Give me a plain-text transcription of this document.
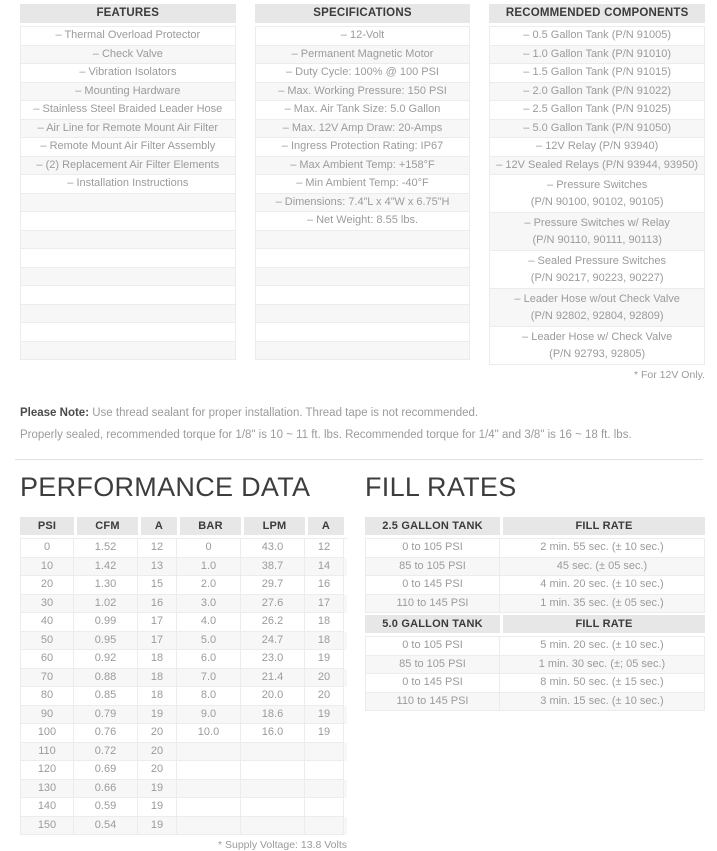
FEATURES
– Thermal Overload Protector
– Check Valve
– Vibration Isolators
– Mounting Hardware
– Stainless Steel Braided Leader Hose
– Air Line for Remote Mount Air Filter
– Remote Mount Air Filter Assembly
– (2) Replacement Air Filter Elements
– Installation Instructions

SPECIFICATIONS
– 12-Volt
– Permanent Magnetic Motor
– Duty Cycle: 100% @ 100 PSI
– Max. Working Pressure: 150 PSI
– Max. Air Tank Size: 5.0 Gallon
– Max. 12V Amp Draw: 20-Amps
– Ingress Protection Rating: IP67
– Max Ambient Temp: +158°F
– Min Ambient Temp: -40°F
– Dimensions: 7.4”L x 4”W x 6.75”H
– Net Weight: 8.55 lbs.

RECOMMENDED COMPONENTS
– 0.5 Gallon Tank (P/N 91005)
– 1.0 Gallon Tank (P/N 91010)
– 1.5 Gallon Tank (P/N 91015)
– 2.0 Gallon Tank (P/N 91022)
– 2.5 Gallon Tank (P/N 91025)
– 5.0 Gallon Tank (P/N 91050)
– 12V Relay (P/N 93940)
– 12V Sealed Relays (P/N 93944, 93950)
– Pressure Switches
(P/N 90100, 90102, 90105)
– Pressure Switches w/ Relay
(P/N 90110, 90111, 90113)
– Sealed Pressure Switches
(P/N 90217, 90223, 90227)
– Leader Hose w/out Check Valve
(P/N 92802, 92804, 92809)
– Leader Hose w/ Check Valve
(P/N 92793, 92805)
* For 12V Only.
Please Note: Use thread sealant for proper installation. Thread tape is not recommended.
Properly sealed, recommended torque for 1/8" is 10 ~ 11 ft. lbs. Recommended torque for 1/4" and 3/8" is 16 ~ 18 ft. lbs.
PERFORMANCE DATA
PSI	CFM	A	BAR	LPM	A
0	1.52	12	0	43.0	12
10	1.42	13	1.0	38.7	14
20	1.30	15	2.0	29.7	16
30	1.02	16	3.0	27.6	17
40	0.99	17	4.0	26.2	18
50	0.95	17	5.0	24.7	18
60	0.92	18	6.0	23.0	19
70	0.88	18	7.0	21.4	20
80	0.85	18	8.0	20.0	20
90	0.79	19	9.0	18.6	19
100	0.76	20	10.0	16.0	19
110	0.72	20

120	0.69	20

130	0.66	19

140	0.59	19

150	0.54	19

* Supply Voltage: 13.8 Volts
FILL RATES
2.5 GALLON TANK	FILL RATE
0 to 105 PSI	2 min. 55 sec. (± 10 sec.)
85 to 105 PSI	45 sec. (± 05 sec.)
0 to 145 PSI	4 min. 20 sec. (± 10 sec.)
110 to 145 PSI	1 min. 35 sec. (± 05 sec.)
5.0 GALLON TANK	FILL RATE
0 to 105 PSI	5 min. 20 sec. (± 10 sec.)
85 to 105 PSI	1 min. 30 sec. (±; 05 sec.)
0 to 145 PSI	8 min. 50 sec. (± 15 sec.)
110 to 145 PSI	3 min. 15 sec. (± 10 sec.)
